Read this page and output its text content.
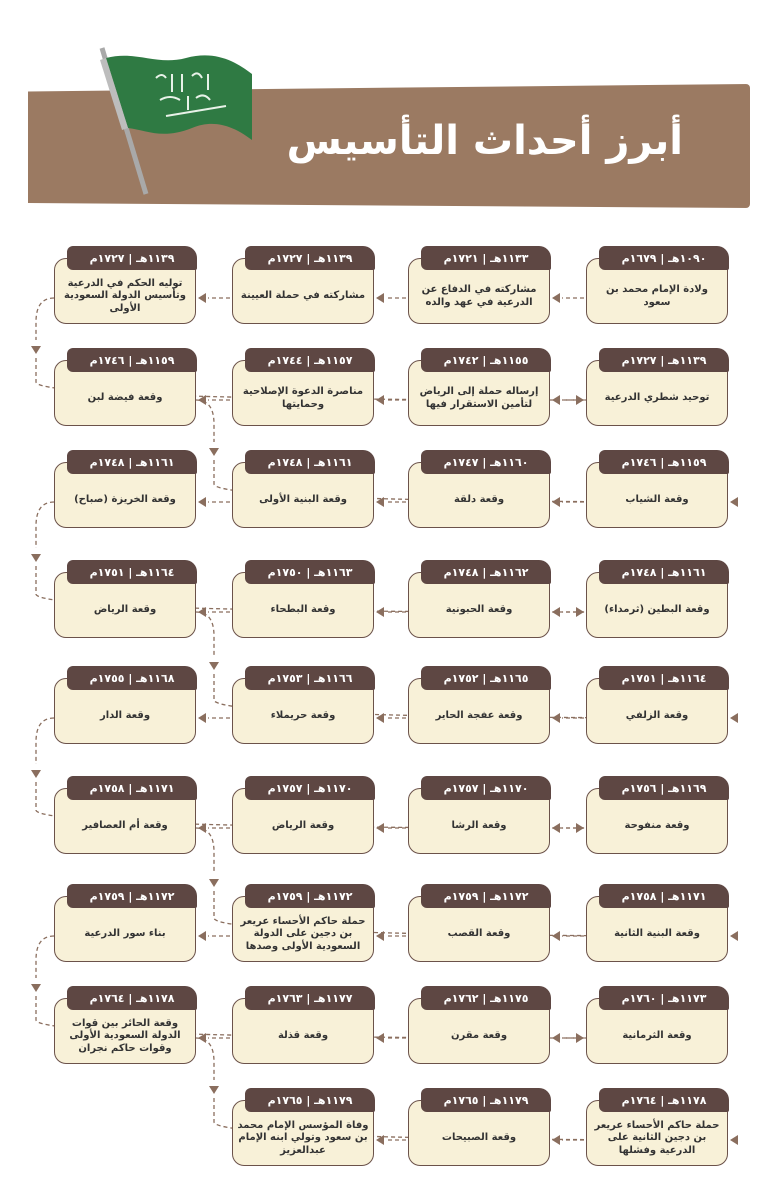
أبرز أحداث التأسيس
١٠٩٠هـ | ١٦٧٩م
ولادة الإمام محمد بن سعود
١١٣٣هـ | ١٧٢١م
مشاركته في الدفاع عن الدرعية في عهد والده
١١٣٩هـ | ١٧٢٧م
مشاركته في حملة العيينة
١١٣٩هـ | ١٧٢٧م
توليه الحكم في الدرعية وتأسيس الدولة السعودية الأولى
١١٣٩هـ | ١٧٢٧م
توحيد شطري الدرعية
١١٥٥هـ | ١٧٤٢م
إرساله حملة إلى الرياض لتأمين الاستقرار فيها
١١٥٧هـ | ١٧٤٤م
مناصرة الدعوة الإصلاحية وحمايتها
١١٥٩هـ | ١٧٤٦م
وقعة فيضة لبن
١١٥٩هـ | ١٧٤٦م
وقعة الشياب
١١٦٠هـ | ١٧٤٧م
وقعة دلقة
١١٦١هـ | ١٧٤٨م
وقعة البنية الأولى
١١٦١هـ | ١٧٤٨م
وقعة الخريزة (صباح)
١١٦١هـ | ١٧٤٨م
وقعة البطين (ثرمداء)
١١٦٢هـ | ١٧٤٨م
وقعة الحبونية
١١٦٣هـ | ١٧٥٠م
وقعة البطحاء
١١٦٤هـ | ١٧٥١م
وقعة الرياض
١١٦٤هـ | ١٧٥١م
وقعة الزلفي
١١٦٥هـ | ١٧٥٢م
وقعة عفجة الحاير
١١٦٦هـ | ١٧٥٣م
وقعة حريملاء
١١٦٨هـ | ١٧٥٥م
وقعة الدار
١١٦٩هـ | ١٧٥٦م
وقعة منفوحة
١١٧٠هـ | ١٧٥٧م
وقعة الرشا
١١٧٠هـ | ١٧٥٧م
وقعة الرياض
١١٧١هـ | ١٧٥٨م
وقعة أم العصافير
١١٧١هـ | ١٧٥٨م
وقعة البنية الثانية
١١٧٢هـ | ١٧٥٩م
وقعة القصب
١١٧٢هـ | ١٧٥٩م
حملة حاكم الأحساء عريعر بن دجين على الدولة السعودية الأولى وصدها
١١٧٢هـ | ١٧٥٩م
بناء سور الدرعية
١١٧٣هـ | ١٧٦٠م
وقعة الثرمانية
١١٧٥هـ | ١٧٦٢م
وقعة مقرن
١١٧٧هـ | ١٧٦٣م
وقعة قذلة
١١٧٨هـ | ١٧٦٤م
وقعة الحائر بين قوات الدولة السعودية الأولى وقوات حاكم نجران
١١٧٨هـ | ١٧٦٤م
حملة حاكم الأحساء عريعر بن دجين الثانية على الدرعية وفشلها
١١٧٩هـ | ١٧٦٥م
وقعة الصبيحات
١١٧٩هـ | ١٧٦٥م
وفاة المؤسس الإمام محمد بن سعود وتولي ابنه الإمام عبدالعزيز
